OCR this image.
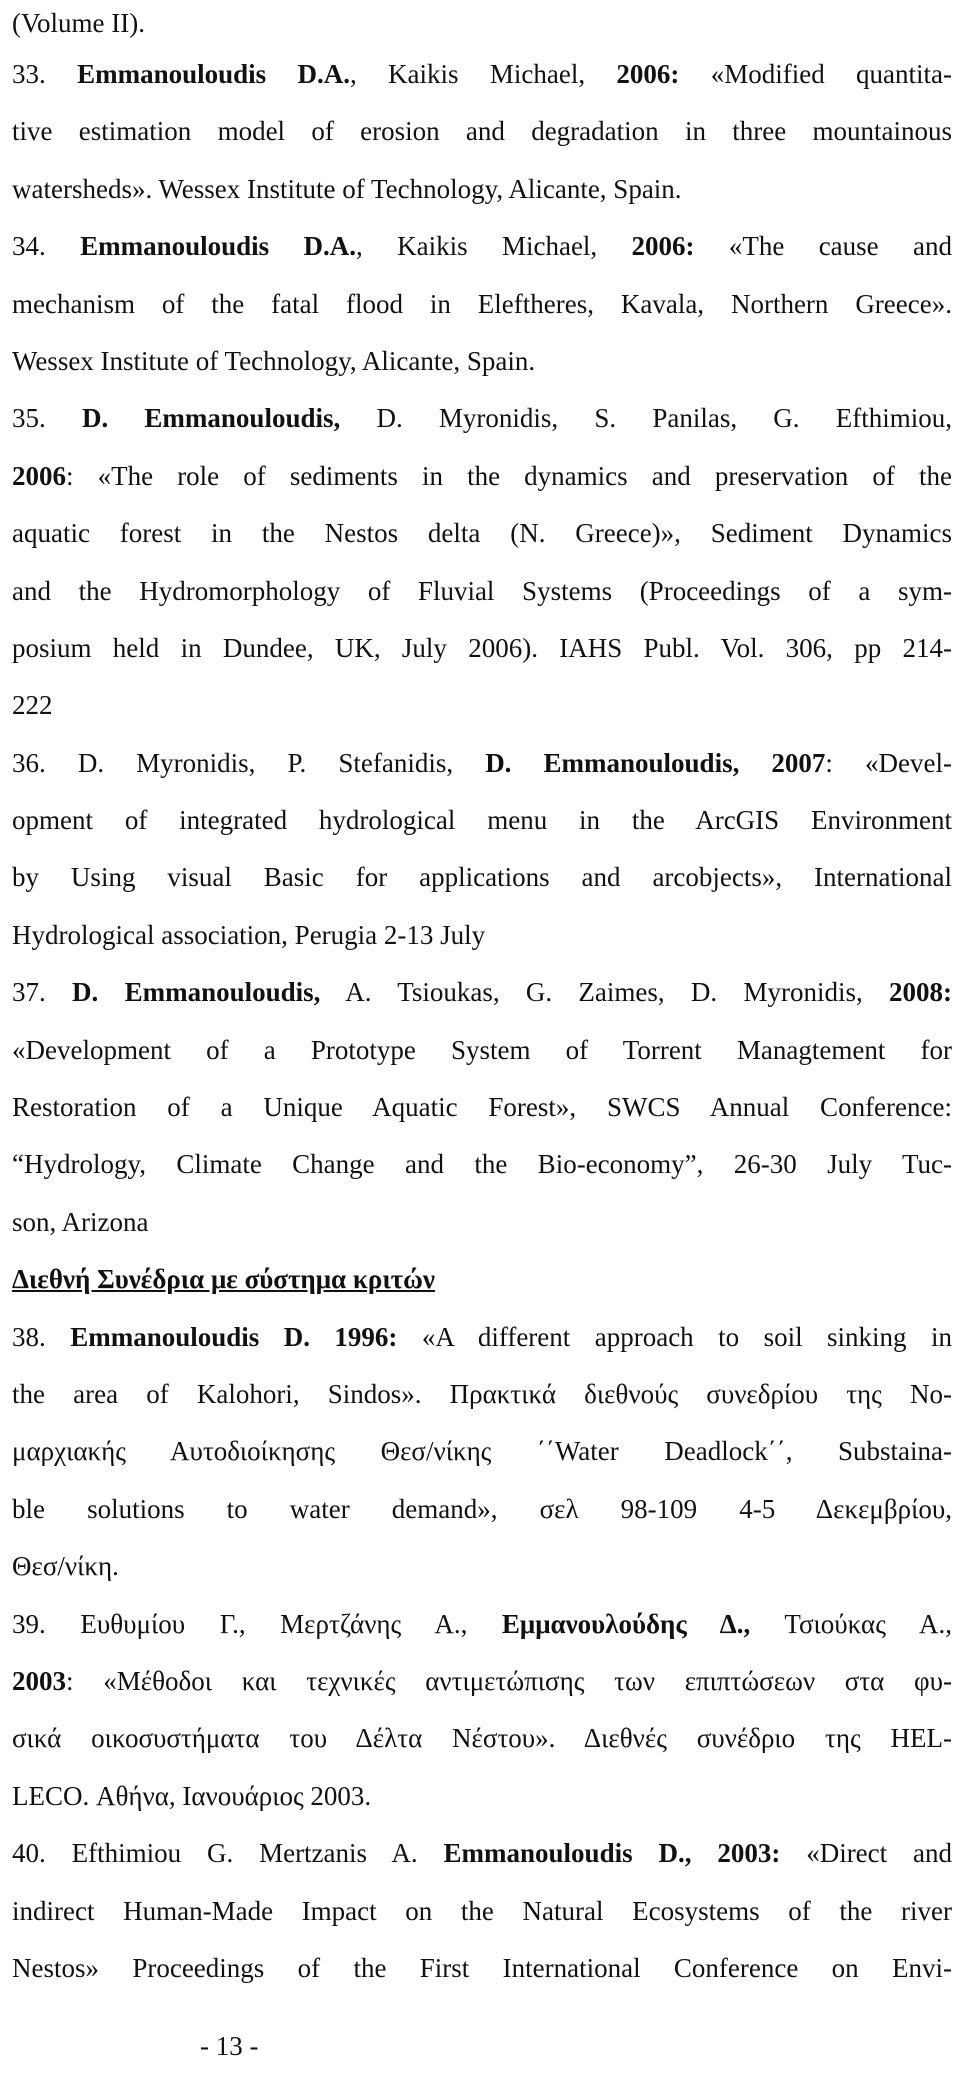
(Volume II).
33. Emmanouloudis D.A., Kaikis Michael, 2006: «Modified quantita-
tive estimation model of erosion and degradation in three mountainous
watersheds». Wessex Institute of Technology, Alicante, Spain.
34. Emmanouloudis D.A., Kaikis Michael, 2006: «The cause and
mechanism of the fatal flood in Eleftheres, Kavala, Northern Greece».
Wessex Institute of Technology, Alicante, Spain.
35. D. Emmanouloudis, D. Myronidis, S. Panilas, G. Efthimiou,
2006: «The role of sediments in the dynamics and preservation of the
aquatic forest in the Nestos delta (N. Greece)», Sediment Dynamics
and the Hydromorphology of Fluvial Systems (Proceedings of a sym-
posium held in Dundee, UK, July 2006). IAHS Publ. Vol. 306, pp 214-
222
36. D. Myronidis, P. Stefanidis, D. Emmanouloudis, 2007: «Devel-
opment of integrated hydrological menu in the ArcGIS Environment
by Using visual Basic for applications and arcobjects», International
Hydrological association, Perugia 2-13 July
37. D. Emmanouloudis, A. Tsioukas, G. Zaimes, D. Myronidis, 2008:
«Development of a Prototype System of Torrent Managtement for
Restoration of a Unique Aquatic Forest», SWCS Annual Conference:
“Hydrology, Climate Change and the Bio-economy”, 26-30 July Tuc-
son, Arizona
Διεθνή Συνέδρια με σύστημα κριτών
38. Emmanouloudis D. 1996: «A different approach to soil sinking in
the area of Kalohori, Sindos». Πρακτικά διεθνούς συνεδρίου της Νο-
μαρχιακής Αυτοδιοίκησης Θεσ/νίκης ΄΄Water Deadlock΄΄, Substaina-
ble solutions to water demand», σελ 98-109 4-5 Δεκεμβρίου,
Θεσ/νίκη.
39. Ευθυμίου Γ., Μερτζάνης Α., Εμμανουλούδης Δ., Τσιούκας Α.,
2003: «Μέθοδοι και τεχνικές αντιμετώπισης των επιπτώσεων στα φυ-
σικά οικοσυστήματα του Δέλτα Νέστου». Διεθνές συνέδριο της HEL-
LECO. Αθήνα, Ιανουάριος 2003.
40. Efthimiou G. Mertzanis A. Emmanouloudis D., 2003: «Direct and
indirect Human-Made Impact on the Natural Ecosystems of the river
Nestos» Proceedings of the First International Conference on Envi-
- 13 -
